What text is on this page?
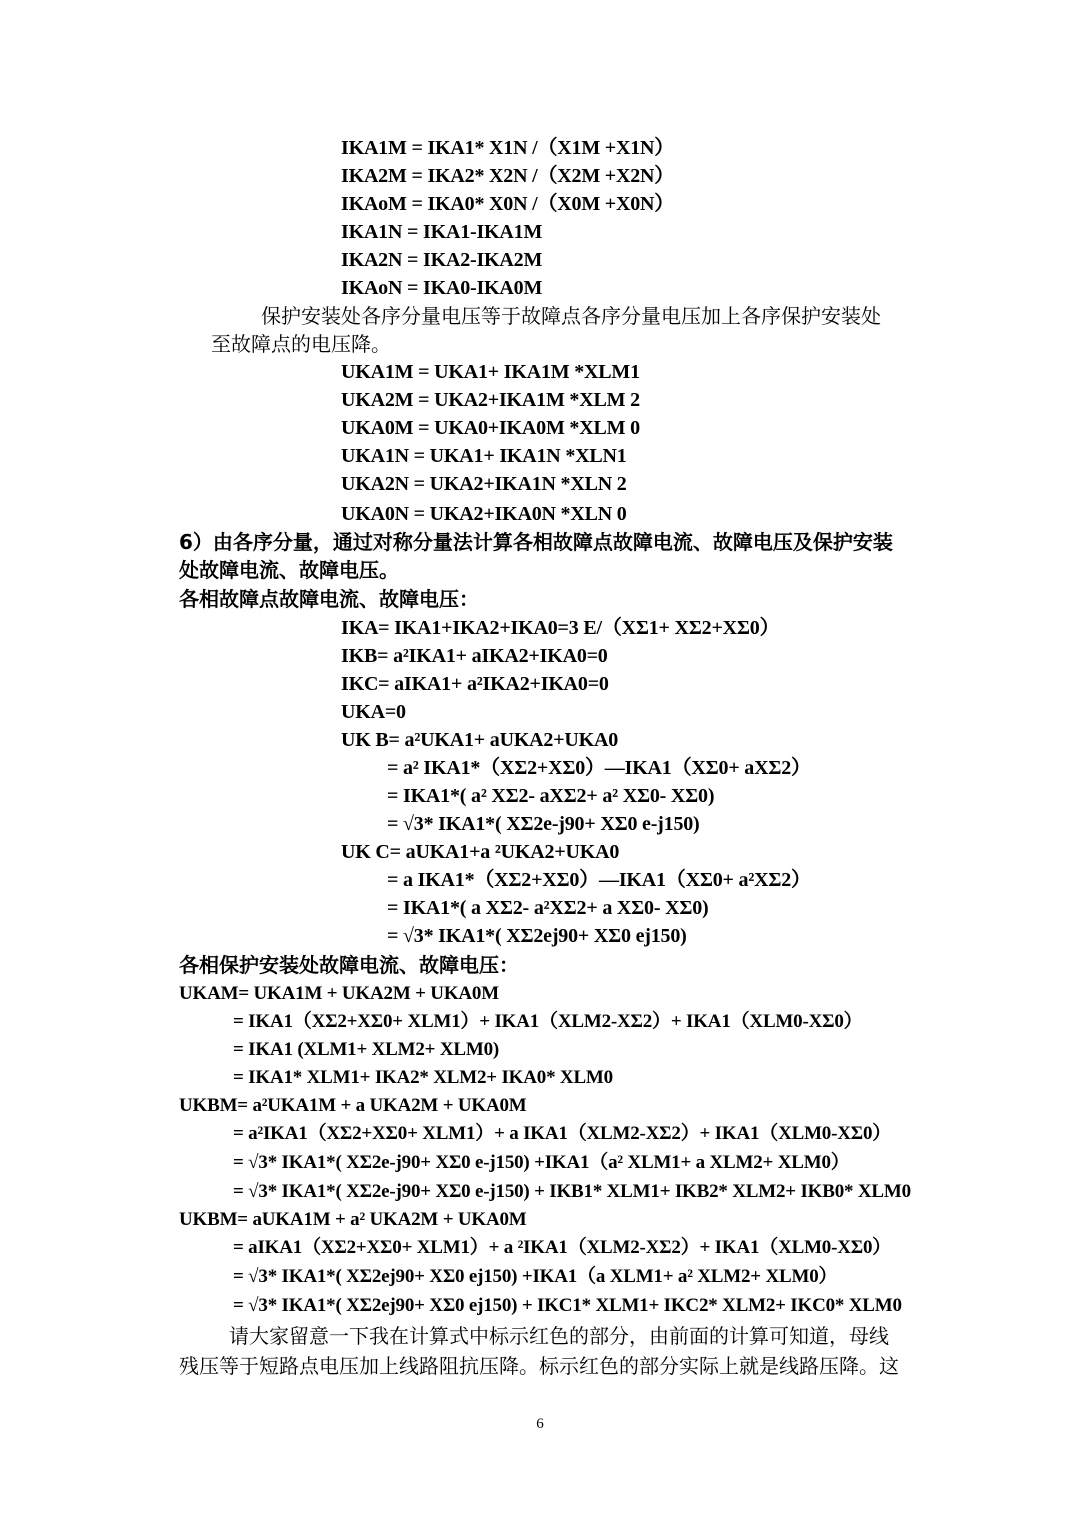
IKA1M = IKA1* X1N /（X1M +X1N）
IKA2M = IKA2* X2N /（X2M +X2N）
IKAoM = IKA0* X0N /（X0M +X0N）
IKA1N = IKA1-IKA1M
IKA2N = IKA2-IKA2M
IKAoN = IKA0-IKA0M
保护安装处各序分量电压等于故障点各序分量电压加上各序保护安装处
至故障点的电压降。
UKA1M = UKA1+ IKA1M *XLM1
UKA2M = UKA2+IKA1M *XLM 2
UKA0M = UKA0+IKA0M *XLM 0
UKA1N = UKA1+ IKA1N *XLN1
UKA2N = UKA2+IKA1N *XLN 2
UKA0N = UKA2+IKA0N *XLN 0
6）由各序分量，通过对称分量法计算各相故障点故障电流、故障电压及保护安装
处故障电流、故障电压。
各相故障点故障电流、故障电压：
IKA= IKA1+IKA2+IKA0=3 E/（XΣ1+ XΣ2+XΣ0）
IKB= a²IKA1+ aIKA2+IKA0=0
IKC= aIKA1+ a²IKA2+IKA0=0
UKA=0
UK B= a²UKA1+ aUKA2+UKA0
= a² IKA1*（XΣ2+XΣ0）—IKA1（XΣ0+ aXΣ2）
= IKA1*( a² XΣ2- aXΣ2+ a² XΣ0- XΣ0)
= √3* IKA1*( XΣ2e-j90+ XΣ0 e-j150)
UK C= aUKA1+a ²UKA2+UKA0
= a IKA1*（XΣ2+XΣ0）—IKA1（XΣ0+ a²XΣ2）
= IKA1*( a XΣ2- a²XΣ2+ a XΣ0- XΣ0)
= √3* IKA1*( XΣ2ej90+ XΣ0 ej150)
各相保护安装处故障电流、故障电压：
UKAM= UKA1M + UKA2M + UKA0M
= IKA1（XΣ2+XΣ0+ XLM1）+ IKA1（XLM2-XΣ2）+ IKA1（XLM0-XΣ0）
= IKA1 (XLM1+ XLM2+ XLM0)
= IKA1* XLM1+ IKA2* XLM2+ IKA0* XLM0
UKBM= a²UKA1M + a UKA2M + UKA0M
= a²IKA1（XΣ2+XΣ0+ XLM1）+ a IKA1（XLM2-XΣ2）+ IKA1（XLM0-XΣ0）
= √3* IKA1*( XΣ2e-j90+ XΣ0 e-j150) +IKA1（a² XLM1+ a XLM2+ XLM0）
= √3* IKA1*( XΣ2e-j90+ XΣ0 e-j150) + IKB1* XLM1+ IKB2* XLM2+ IKB0* XLM0
UKBM= aUKA1M + a² UKA2M + UKA0M
= aIKA1（XΣ2+XΣ0+ XLM1）+ a ²IKA1（XLM2-XΣ2）+ IKA1（XLM0-XΣ0）
= √3* IKA1*( XΣ2ej90+ XΣ0 ej150) +IKA1（a XLM1+ a² XLM2+ XLM0）
= √3* IKA1*( XΣ2ej90+ XΣ0 ej150) + IKC1* XLM1+ IKC2* XLM2+ IKC0* XLM0
请大家留意一下我在计算式中标示红色的部分，由前面的计算可知道，母线
残压等于短路点电压加上线路阻抗压降。标示红色的部分实际上就是线路压降。这
6
